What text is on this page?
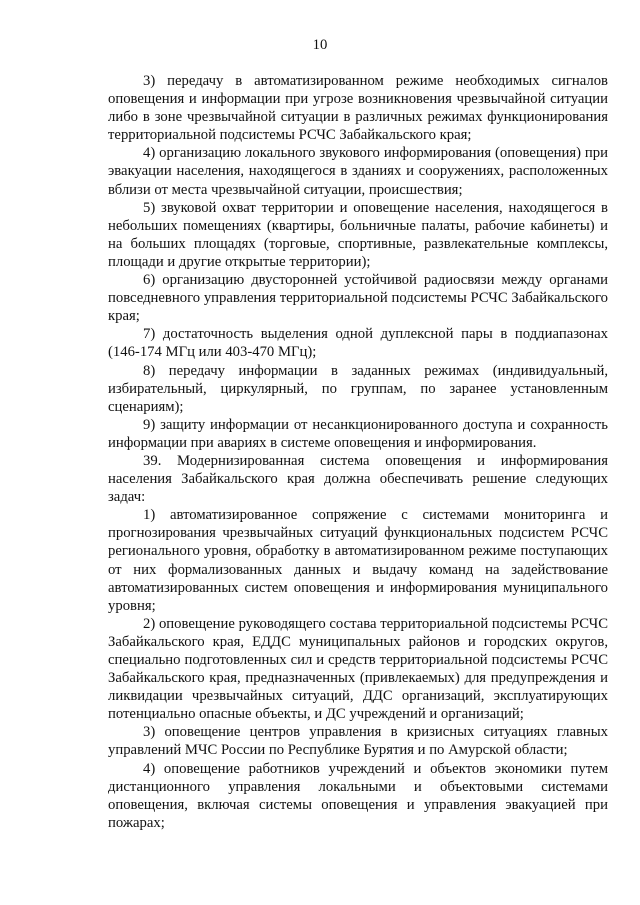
10

3) передачу в автоматизированном режиме необходимых сигналов оповещения и информации при угрозе возникновения чрезвычайной ситуации либо в зоне чрезвычайной ситуации в различных режимах функционирования территориальной подсистемы РСЧС Забайкальского края;

4) организацию локального звукового информирования (оповещения) при эвакуации населения, находящегося в зданиях и сооружениях, расположенных вблизи от места чрезвычайной ситуации, происшествия;

5) звуковой охват территории и оповещение населения, находящегося в небольших помещениях (квартиры, больничные палаты, рабочие кабинеты) и на больших площадях (торговые, спортивные, развлекательные комплексы, площади и другие открытые территории);

6) организацию двусторонней устойчивой радиосвязи между органами повседневного управления территориальной подсистемы РСЧС Забайкальского края;

7) достаточность выделения одной дуплексной пары в поддиапазонах (146-174 МГц или 403-470 МГц);

8) передачу информации в заданных режимах (индивидуальный, избирательный, циркулярный, по группам, по заранее установленным сценариям);

9) защиту информации от несанкционированного доступа и сохранность информации при авариях в системе оповещения и информирования.

39. Модернизированная система оповещения и информирования населения Забайкальского края должна обеспечивать решение следующих задач:

1) автоматизированное сопряжение с системами мониторинга и прогнозирования чрезвычайных ситуаций функциональных подсистем РСЧС регионального уровня, обработку в автоматизированном режиме поступающих от них формализованных данных и выдачу команд на задействование автоматизированных систем оповещения и информирования муниципального уровня;

2) оповещение руководящего состава территориальной подсистемы РСЧС Забайкальского края, ЕДДС муниципальных районов и городских округов, специально подготовленных сил и средств территориальной подсистемы РСЧС Забайкальского края, предназначенных (привлекаемых) для предупреждения и ликвидации чрезвычайных ситуаций, ДДС организаций, эксплуатирующих потенциально опасные объекты, и ДС учреждений и организаций;

3) оповещение центров управления в кризисных ситуациях главных управлений МЧС России по Республике Бурятия и по Амурской области;

4) оповещение работников учреждений и объектов экономики путем дистанционного управления локальными и объектовыми системами оповещения, включая системы оповещения и управления эвакуацией при пожарах;
